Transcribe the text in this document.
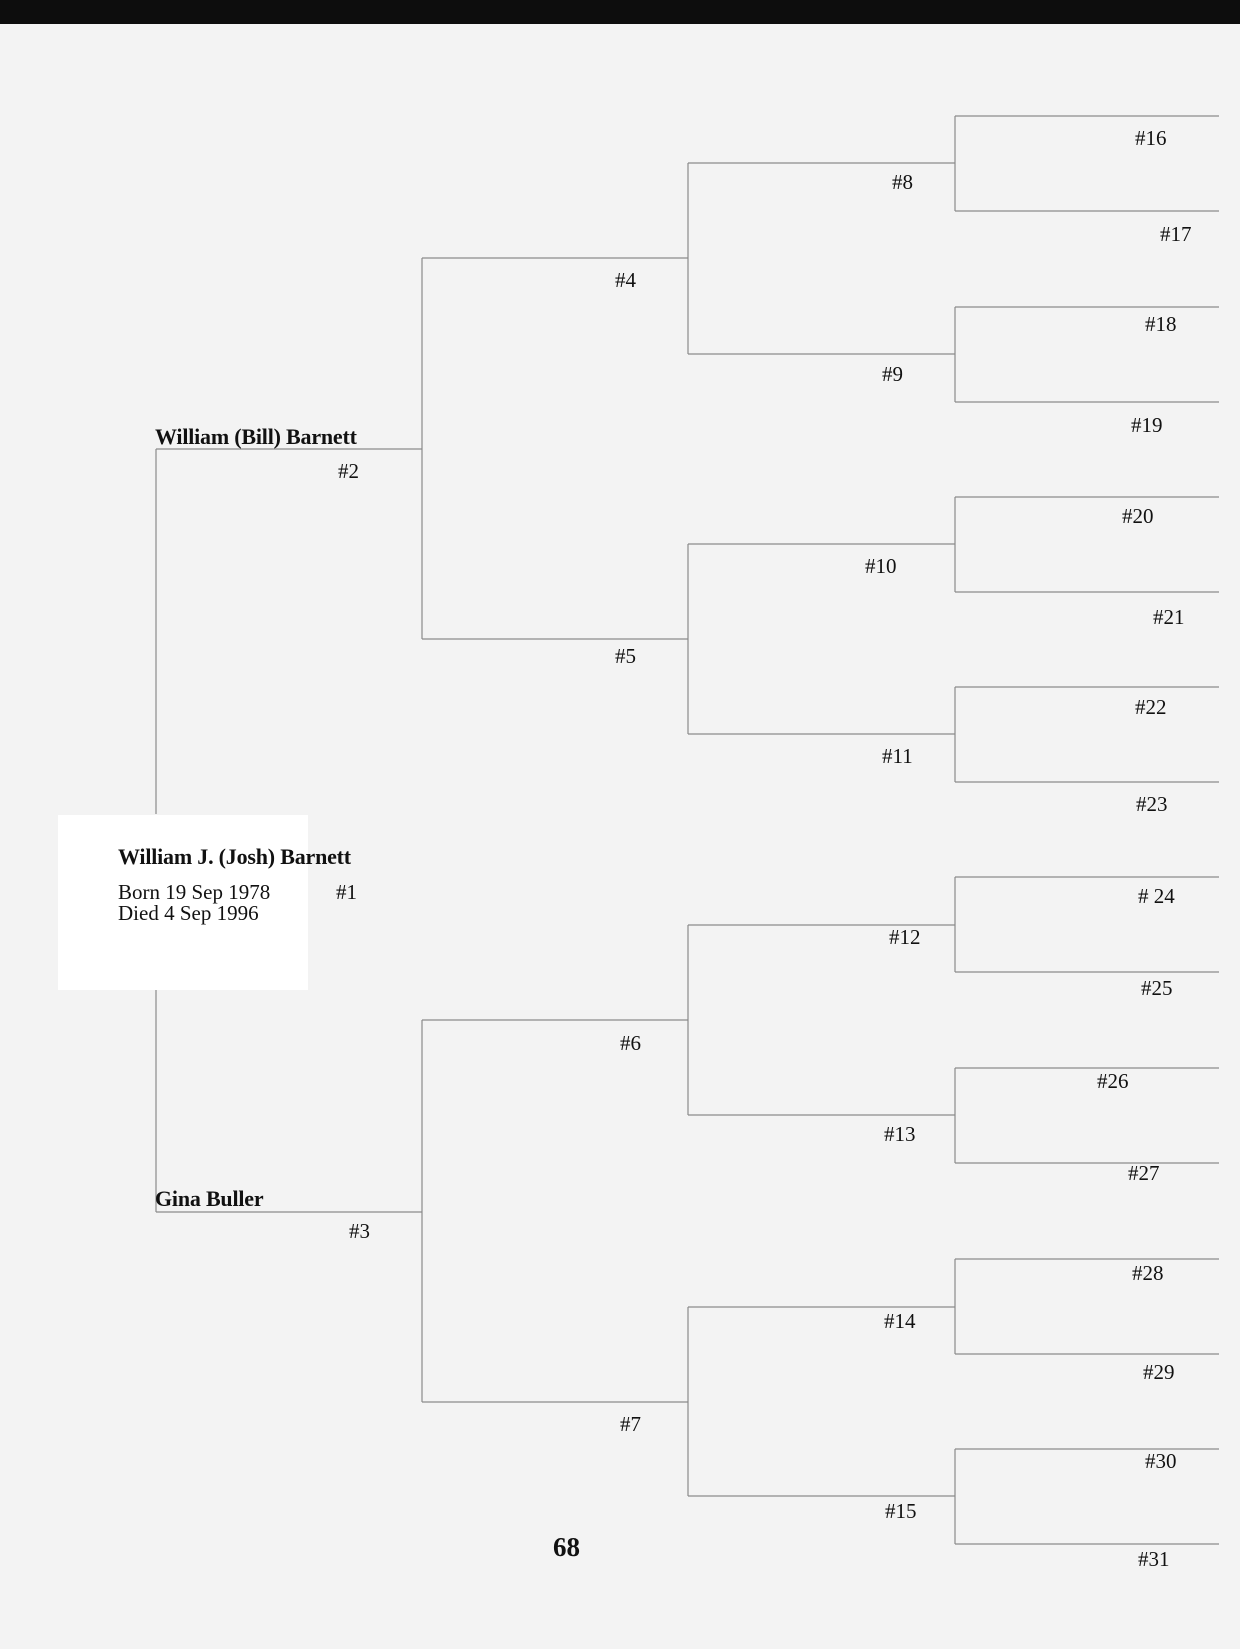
William J. (Josh) Barnett
Born 19 Sep 1978
Died 4 Sep 1996
#1
William (Bill) Barnett
#2
Gina Buller
#3
#4
#5
#6
#7
#8
#9
#10
#11
#12
#13
#14
#15
#16
#17
#18
#19
#20
#21
#22
#23
# 24
#25
#26
#27
#28
#29
#30
#31
68
